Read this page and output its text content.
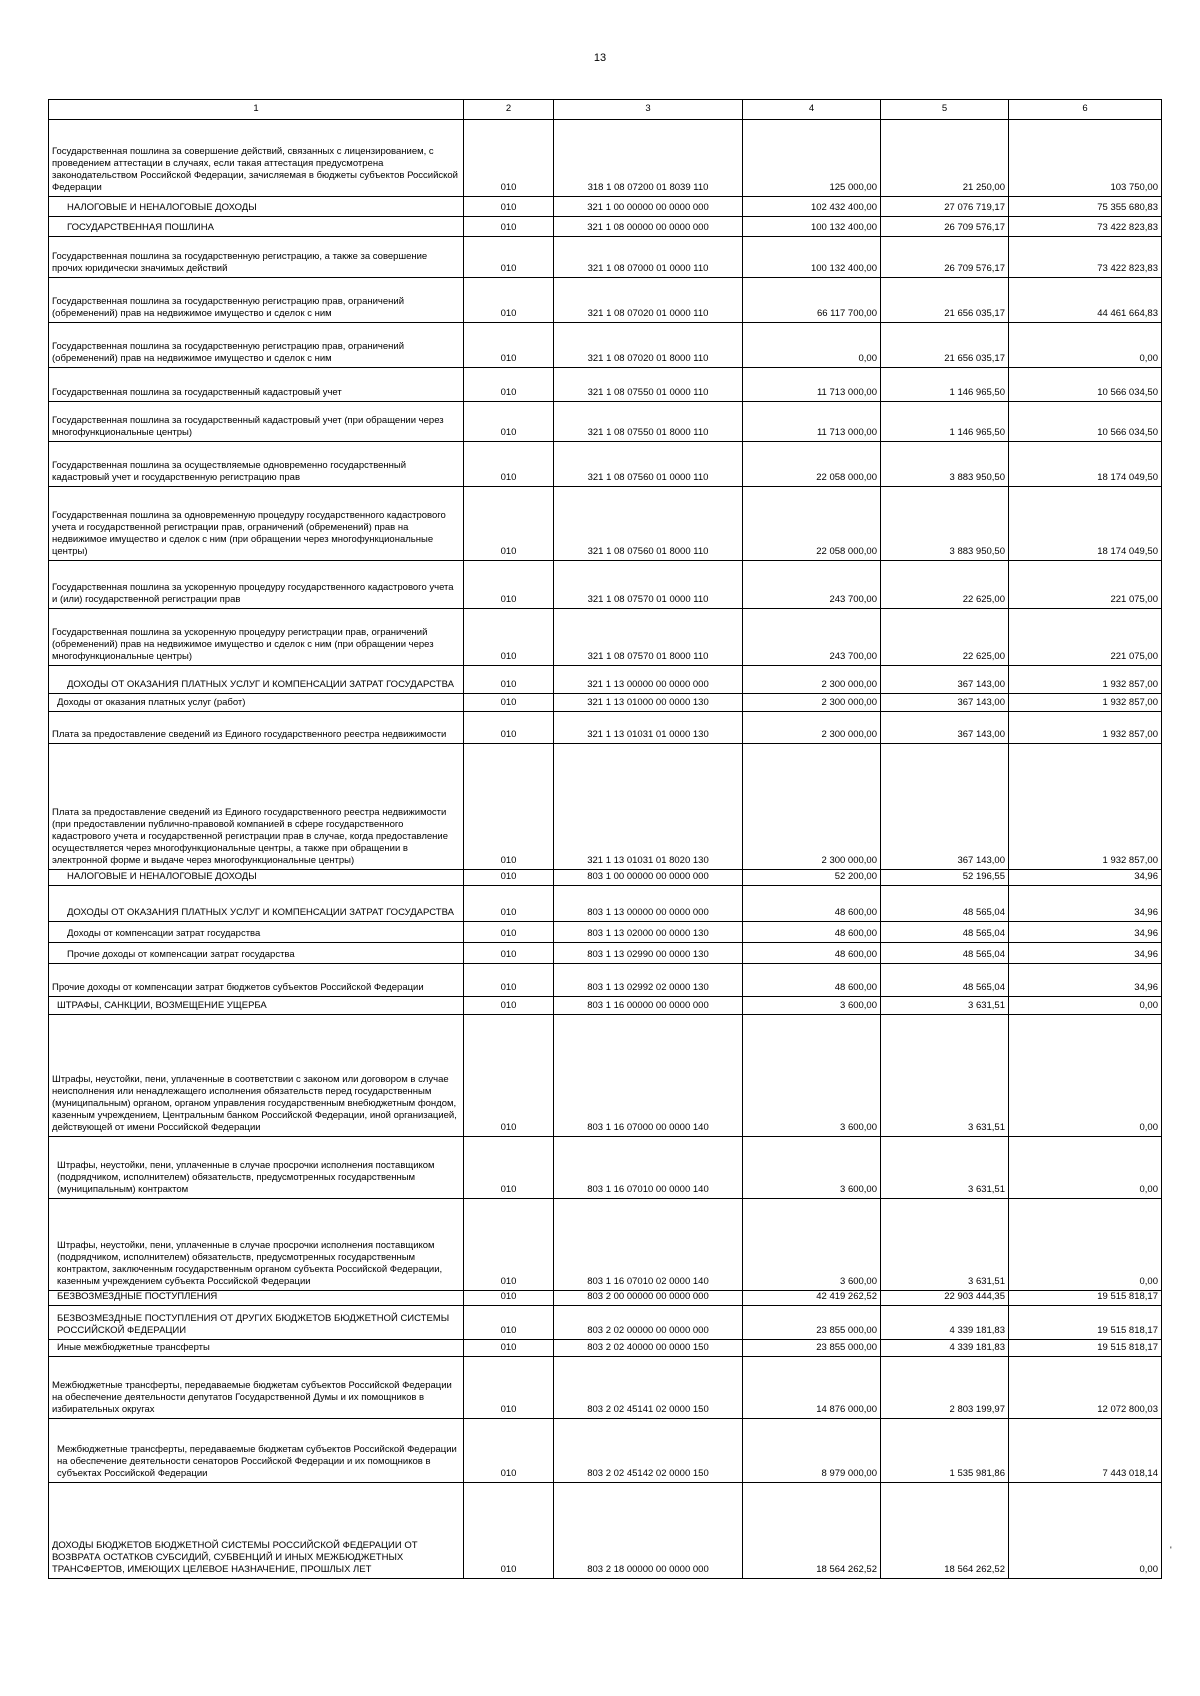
13
1	2	3	4	5	6
Государственная пошлина за совершение действий, связанных с лицензированием, с проведением аттестации в случаях, если такая аттестация предусмотрена законодательством Российской Федерации, зачисляемая в бюджеты субъектов Российской Федерации	010	318 1 08 07200 01 8039 110	125 000,00	21 250,00	103 750,00
НАЛОГОВЫЕ И НЕНАЛОГОВЫЕ ДОХОДЫ	010	321 1 00 00000 00 0000 000	102 432 400,00	27 076 719,17	75 355 680,83
ГОСУДАРСТВЕННАЯ ПОШЛИНА	010	321 1 08 00000 00 0000 000	100 132 400,00	26 709 576,17	73 422 823,83
Государственная пошлина за государственную регистрацию, а также за совершение прочих юридически значимых действий	010	321 1 08 07000 01 0000 110	100 132 400,00	26 709 576,17	73 422 823,83
Государственная пошлина за государственную регистрацию прав, ограничений (обременений) прав на недвижимое имущество и сделок с ним	010	321 1 08 07020 01 0000 110	66 117 700,00	21 656 035,17	44 461 664,83
Государственная пошлина за государственную регистрацию прав, ограничений (обременений) прав на недвижимое имущество и сделок с ним	010	321 1 08 07020 01 8000 110	0,00	21 656 035,17	0,00
Государственная пошлина за государственный кадастровый учет	010	321 1 08 07550 01 0000 110	11 713 000,00	1 146 965,50	10 566 034,50
Государственная пошлина за государственный кадастровый учет (при обращении через многофункциональные центры)	010	321 1 08 07550 01 8000 110	11 713 000,00	1 146 965,50	10 566 034,50
Государственная пошлина за осуществляемые одновременно государственный кадастровый учет и государственную регистрацию прав	010	321 1 08 07560 01 0000 110	22 058 000,00	3 883 950,50	18 174 049,50
Государственная пошлина за одновременную процедуру государственного кадастрового учета и государственной регистрации прав, ограничений (обременений) прав на недвижимое имущество и сделок с ним (при обращении через многофункциональные центры)	010	321 1 08 07560 01 8000 110	22 058 000,00	3 883 950,50	18 174 049,50
Государственная пошлина за ускоренную процедуру государственного кадастрового учета и (или) государственной регистрации прав	010	321 1 08 07570 01 0000 110	243 700,00	22 625,00	221 075,00
Государственная пошлина за ускоренную процедуру регистрации прав, ограничений (обременений) прав на недвижимое имущество и сделок с ним (при обращении через многофункциональные центры)	010	321 1 08 07570 01 8000 110	243 700,00	22 625,00	221 075,00
ДОХОДЫ ОТ ОКАЗАНИЯ ПЛАТНЫХ УСЛУГ И КОМПЕНСАЦИИ ЗАТРАТ ГОСУДАРСТВА	010	321 1 13 00000 00 0000 000	2 300 000,00	367 143,00	1 932 857,00
Доходы от оказания платных услуг (работ)	010	321 1 13 01000 00 0000 130	2 300 000,00	367 143,00	1 932 857,00
Плата за предоставление сведений из Единого государственного реестра недвижимости	010	321 1 13 01031 01 0000 130	2 300 000,00	367 143,00	1 932 857,00
Плата за предоставление сведений из Единого государственного реестра недвижимости (при предоставлении публично-правовой компанией в сфере государственного кадастрового учета и государственной регистрации прав в случае, когда предоставление осуществляется через многофункциональные центры, а также при обращении в электронной форме и выдаче через многофункциональные центры)	010	321 1 13 01031 01 8020 130	2 300 000,00	367 143,00	1 932 857,00
НАЛОГОВЫЕ И НЕНАЛОГОВЫЕ ДОХОДЫ	010	803 1 00 00000 00 0000 000	52 200,00	52 196,55	34,96
ДОХОДЫ ОТ ОКАЗАНИЯ ПЛАТНЫХ УСЛУГ И КОМПЕНСАЦИИ ЗАТРАТ ГОСУДАРСТВА	010	803 1 13 00000 00 0000 000	48 600,00	48 565,04	34,96
Доходы от компенсации затрат государства	010	803 1 13 02000 00 0000 130	48 600,00	48 565,04	34,96
Прочие доходы от компенсации затрат государства	010	803 1 13 02990 00 0000 130	48 600,00	48 565,04	34,96
Прочие доходы от компенсации затрат бюджетов субъектов Российской Федерации	010	803 1 13 02992 02 0000 130	48 600,00	48 565,04	34,96
ШТРАФЫ, САНКЦИИ, ВОЗМЕЩЕНИЕ УЩЕРБА	010	803 1 16 00000 00 0000 000	3 600,00	3 631,51	0,00
Штрафы, неустойки, пени, уплаченные в соответствии с законом или договором в случае неисполнения или ненадлежащего исполнения обязательств перед государственным (муниципальным) органом, органом управления государственным внебюджетным фондом, казенным учреждением, Центральным банком Российской Федерации, иной организацией, действующей от имени Российской Федерации	010	803 1 16 07000 00 0000 140	3 600,00	3 631,51	0,00
Штрафы, неустойки, пени, уплаченные в случае просрочки исполнения поставщиком (подрядчиком, исполнителем) обязательств, предусмотренных государственным (муниципальным) контрактом	010	803 1 16 07010 00 0000 140	3 600,00	3 631,51	0,00
Штрафы, неустойки, пени, уплаченные в случае просрочки исполнения поставщиком (подрядчиком, исполнителем) обязательств, предусмотренных государственным контрактом, заключенным государственным органом субъекта Российской Федерации, казенным учреждением субъекта Российской Федерации	010	803 1 16 07010 02 0000 140	3 600,00	3 631,51	0,00
БЕЗВОЗМЕЗДНЫЕ ПОСТУПЛЕНИЯ	010	803 2 00 00000 00 0000 000	42 419 262,52	22 903 444,35	19 515 818,17
БЕЗВОЗМЕЗДНЫЕ ПОСТУПЛЕНИЯ ОТ ДРУГИХ БЮДЖЕТОВ БЮДЖЕТНОЙ СИСТЕМЫ РОССИЙСКОЙ ФЕДЕРАЦИИ	010	803 2 02 00000 00 0000 000	23 855 000,00	4 339 181,83	19 515 818,17
Иные межбюджетные трансферты	010	803 2 02 40000 00 0000 150	23 855 000,00	4 339 181,83	19 515 818,17
Межбюджетные трансферты, передаваемые бюджетам субъектов Российской Федерации на обеспечение деятельности депутатов Государственной Думы и их помощников в избирательных округах	010	803 2 02 45141 02 0000 150	14 876 000,00	2 803 199,97	12 072 800,03
Межбюджетные трансферты, передаваемые бюджетам субъектов Российской Федерации на обеспечение деятельности сенаторов Российской Федерации и их помощников в субъектах Российской Федерации	010	803 2 02 45142 02 0000 150	8 979 000,00	1 535 981,86	7 443 018,14
ДОХОДЫ БЮДЖЕТОВ БЮДЖЕТНОЙ СИСТЕМЫ РОССИЙСКОЙ ФЕДЕРАЦИИ ОТ ВОЗВРАТА ОСТАТКОВ СУБСИДИЙ, СУБВЕНЦИЙ И ИНЫХ МЕЖБЮДЖЕТНЫХ ТРАНСФЕРТОВ, ИМЕЮЩИХ ЦЕЛЕВОЕ НАЗНАЧЕНИЕ, ПРОШЛЫХ ЛЕТ	010	803 2 18 00000 00 0000 000	18 564 262,52	18 564 262,52	0,00
'
